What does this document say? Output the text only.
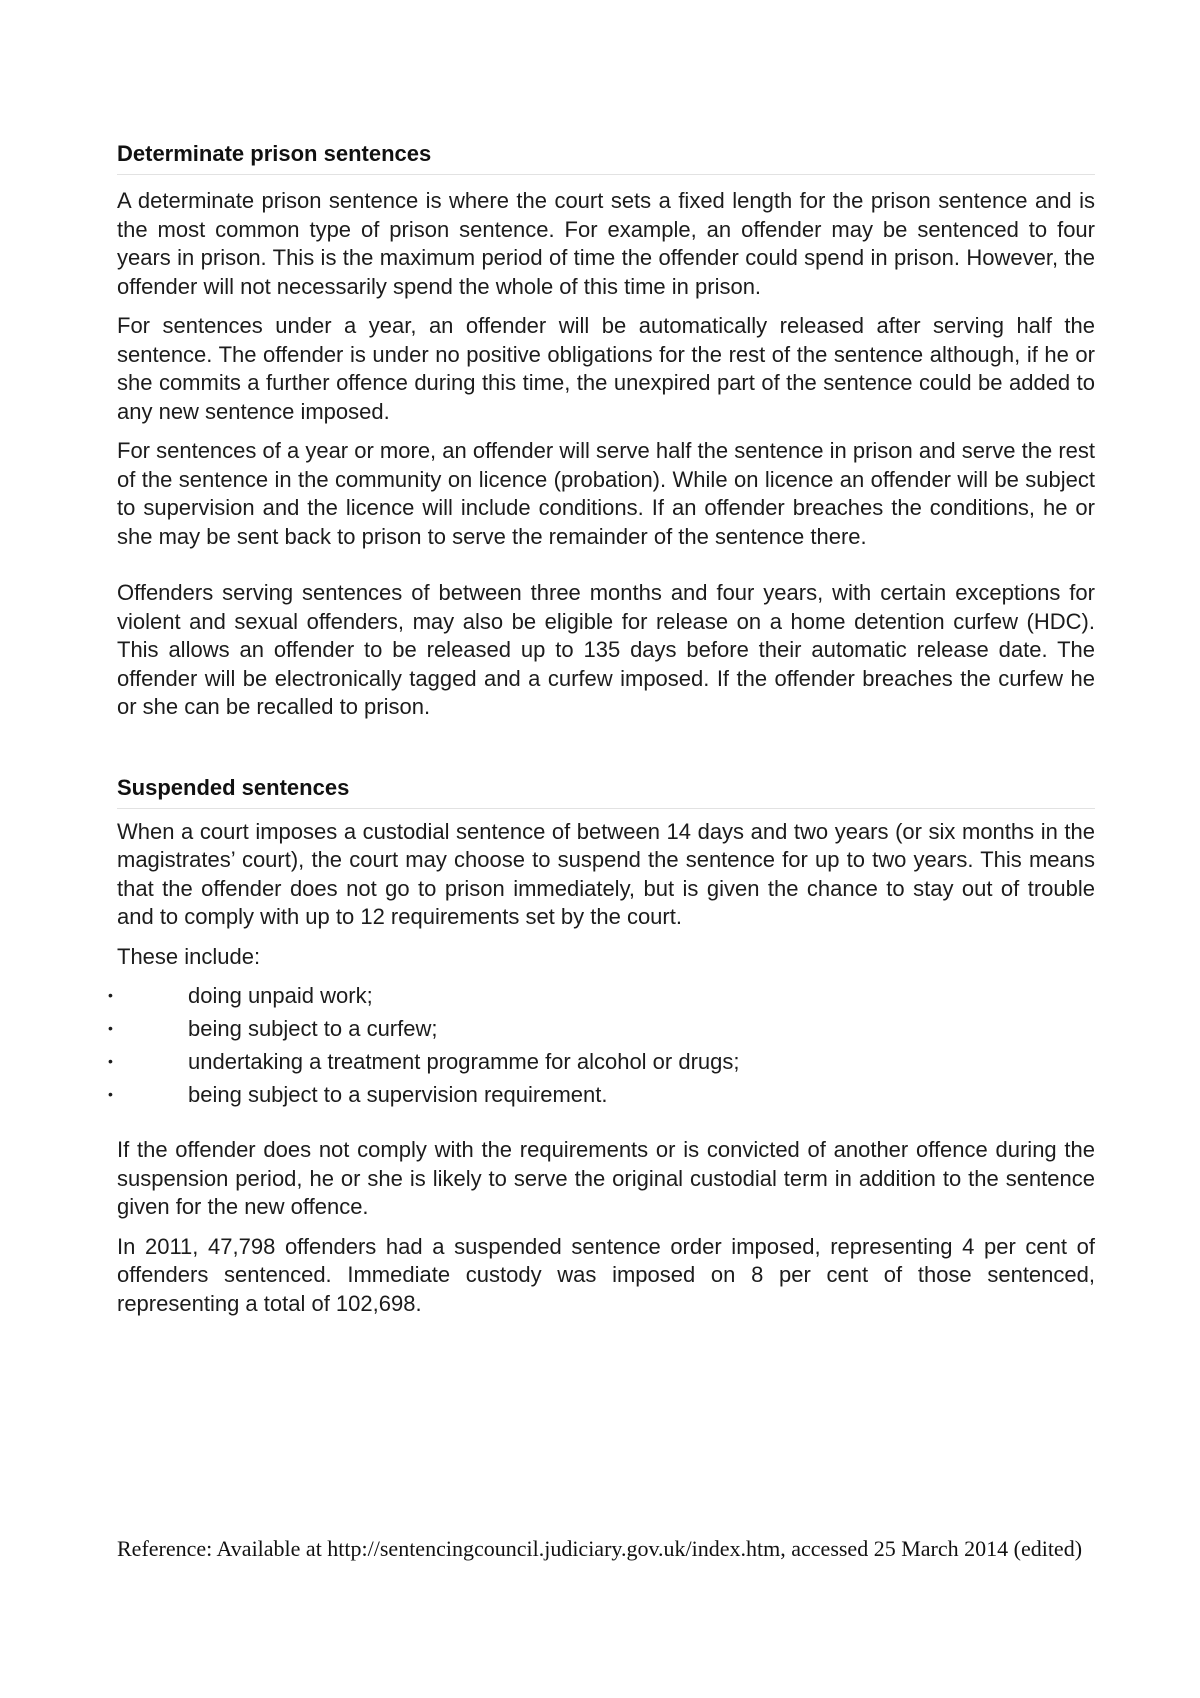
Determinate prison sentences

A determinate prison sentence is where the court sets a fixed length for the prison sentence and is the most common type of prison sentence. For example, an offender may be sentenced to four years in prison. This is the maximum period of time the offender could spend in prison. However, the offender will not necessarily spend the whole of this time in prison.

For sentences under a year, an offender will be automatically released after serving half the sentence. The offender is under no positive obligations for the rest of the sentence although, if he or she commits a further offence during this time, the unexpired part of the sentence could be added to any new sentence imposed.

For sentences of a year or more, an offender will serve half the sentence in prison and serve the rest of the sentence in the community on licence (probation). While on licence an offender will be subject to supervision and the licence will include conditions. If an offender breaches the conditions, he or she may be sent back to prison to serve the remainder of the sentence there.

Offenders serving sentences of between three months and four years, with certain exceptions for violent and sexual offenders, may also be eligible for release on a home detention curfew (HDC). This allows an offender to be released up to 135 days before their automatic release date. The offender will be electronically tagged and a curfew imposed. If the offender breaches the curfew he or she can be recalled to prison.

Suspended sentences

When a court imposes a custodial sentence of between 14 days and two years (or six months in the magistrates’ court), the court may choose to suspend the sentence for up to two years. This means that the offender does not go to prison immediately, but is given the chance to stay out of trouble and to comply with up to 12 requirements set by the court.

These include:

•	doing unpaid work;
•	being subject to a curfew;
•	undertaking a treatment programme for alcohol or drugs;
•	being subject to a supervision requirement.

If the offender does not comply with the requirements or is convicted of another offence during the suspension period, he or she is likely to serve the original custodial term in addition to the sentence given for the new offence.

In 2011, 47,798 offenders had a suspended sentence order imposed, representing 4 per cent of offenders sentenced. Immediate custody was imposed on 8 per cent of those sentenced, representing a total of 102,698.

Reference: Available at http://sentencingcouncil.judiciary.gov.uk/index.htm, accessed 25 March 2014 (edited)
